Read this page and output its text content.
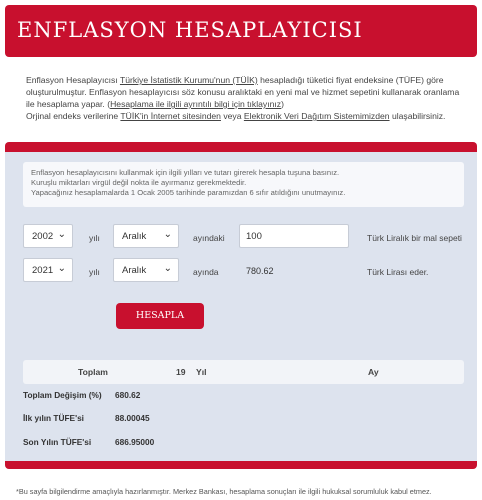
ENFLASYON HESAPLAYICISI
Enflasyon Hesaplayıcısı Türkiye İstatistik Kurumu'nun (TÜİK) hesapladığı tüketici fiyat endeksine (TÜFE) göre oluşturulmuştur. Enflasyon hesaplayıcısı söz konusu aralıktaki en yeni mal ve hizmet sepetini kullanarak oranlama ile hesaplama yapar. (Hesaplama ile ilgili ayrıntılı bilgi için tıklayınız)
Orjinal endeks verilerine TÜİK'in İnternet sitesinden veya Elektronik Veri Dağıtım Sistemimizden ulaşabilirsiniz.
Enflasyon hesaplayıcısını kullanmak için ilgili yılları ve tutarı girerek hesapla tuşuna basınız.
Kuruşlu miktarları virgül değil nokta ile ayırmanız gerekmektedir.
Yapacağınız hesaplamalarda 1 Ocak 2005 tarihinde paramızdan 6 sıfır atıldığını unutmayınız.
2002 ⌄	yılı	Aralık ⌄ ayındaki	100	Türk Liralık bir mal sepeti
2021 ⌄	yılı	Aralık ⌄ ayında	780.62	Türk Lirası eder.
Toplam	19 Yıl	Ay
Toplam Değişim (%) 680.62
İlk yılın TÜFE'si	88.00045
Son Yılın TÜFE'si	686.95000
HESAPLA
*Bu sayfa bilgilendirme amaçlıyla hazırlanmıştır. Merkez Bankası, hesaplama sonuçları ile ilgili hukuksal sorumluluk kabul etmez.
